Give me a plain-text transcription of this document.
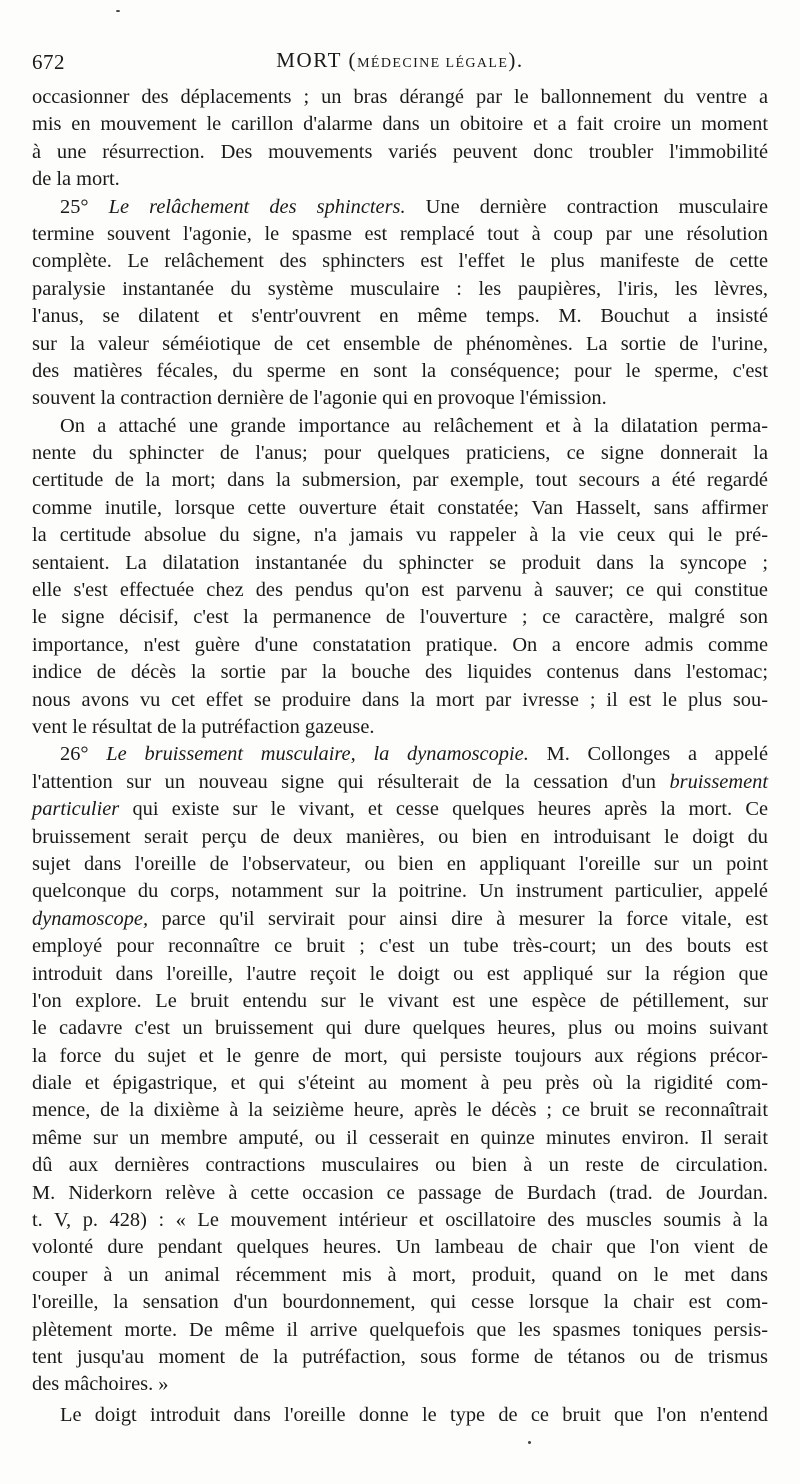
672	MORT (MÉDECINE LÉGALE).
occasionner des déplacements ; un bras dérangé par le ballonnement du ventre a
mis en mouvement le carillon d'alarme dans un obitoire et a fait croire un moment
à une résurrection. Des mouvements variés peuvent donc troubler l'immobilité
de la mort.
25° Le relâchement des sphincters. Une dernière contraction musculaire
termine souvent l'agonie, le spasme est remplacé tout à coup par une résolution
complète. Le relâchement des sphincters est l'effet le plus manifeste de cette
paralysie instantanée du système musculaire : les paupières, l'iris, les lèvres,
l'anus, se dilatent et s'entr'ouvrent en même temps. M. Bouchut a insisté
sur la valeur séméiotique de cet ensemble de phénomènes. La sortie de l'urine,
des matières fécales, du sperme en sont la conséquence; pour le sperme, c'est
souvent la contraction dernière de l'agonie qui en provoque l'émission.
On a attaché une grande importance au relâchement et à la dilatation perma-
nente du sphincter de l'anus; pour quelques praticiens, ce signe donnerait la
certitude de la mort; dans la submersion, par exemple, tout secours a été regardé
comme inutile, lorsque cette ouverture était constatée; Van Hasselt, sans affirmer
la certitude absolue du signe, n'a jamais vu rappeler à la vie ceux qui le pré-
sentaient. La dilatation instantanée du sphincter se produit dans la syncope ;
elle s'est effectuée chez des pendus qu'on est parvenu à sauver; ce qui constitue
le signe décisif, c'est la permanence de l'ouverture ; ce caractère, malgré son
importance, n'est guère d'une constatation pratique. On a encore admis comme
indice de décès la sortie par la bouche des liquides contenus dans l'estomac;
nous avons vu cet effet se produire dans la mort par ivresse ; il est le plus sou-
vent le résultat de la putréfaction gazeuse.
26° Le bruissement musculaire, la dynamoscopie. M. Collonges a appelé
l'attention sur un nouveau signe qui résulterait de la cessation d'un bruissement
particulier qui existe sur le vivant, et cesse quelques heures après la mort. Ce
bruissement serait perçu de deux manières, ou bien en introduisant le doigt du
sujet dans l'oreille de l'observateur, ou bien en appliquant l'oreille sur un point
quelconque du corps, notamment sur la poitrine. Un instrument particulier, appelé
dynamoscope, parce qu'il servirait pour ainsi dire à mesurer la force vitale, est
employé pour reconnaître ce bruit ; c'est un tube très-court; un des bouts est
introduit dans l'oreille, l'autre reçoit le doigt ou est appliqué sur la région que
l'on explore. Le bruit entendu sur le vivant est une espèce de pétillement, sur
le cadavre c'est un bruissement qui dure quelques heures, plus ou moins suivant
la force du sujet et le genre de mort, qui persiste toujours aux régions précor-
diale et épigastrique, et qui s'éteint au moment à peu près où la rigidité com-
mence, de la dixième à la seizième heure, après le décès ; ce bruit se reconnaîtrait
même sur un membre amputé, ou il cesserait en quinze minutes environ. Il serait
dû aux dernières contractions musculaires ou bien à un reste de circulation.
M. Niderkorn relève à cette occasion ce passage de Burdach (trad. de Jourdan.
t. V, p. 428) : « Le mouvement intérieur et oscillatoire des muscles soumis à la
volonté dure pendant quelques heures. Un lambeau de chair que l'on vient de
couper à un animal récemment mis à mort, produit, quand on le met dans
l'oreille, la sensation d'un bourdonnement, qui cesse lorsque la chair est com-
plètement morte. De même il arrive quelquefois que les spasmes toniques persis-
tent jusqu'au moment de la putréfaction, sous forme de tétanos ou de trismus
des mâchoires. »
Le doigt introduit dans l'oreille donne le type de ce bruit que l'on n'entend
